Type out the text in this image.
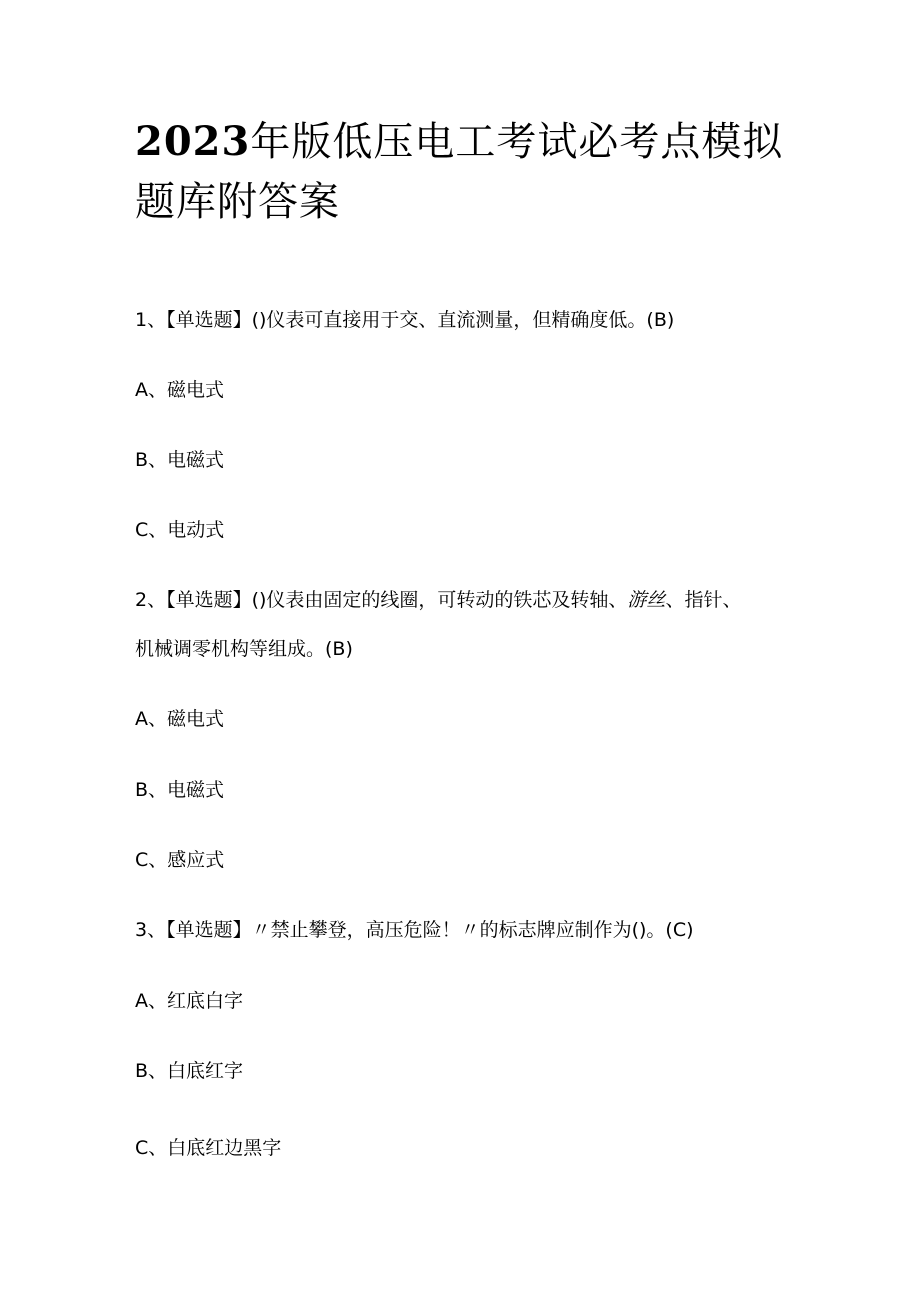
2023年版低压电工考试必考点模拟题库附答案
1、【单选题】()仪表可直接用于交、直流测量，但精确度低。(B)
A、磁电式
B、电磁式
C、电动式
2、【单选题】()仪表由固定的线圈，可转动的铁芯及转轴、游丝、指针、
机械调零机构等组成。(B)
A、磁电式
B、电磁式
C、感应式
3、【单选题】〃禁止攀登，高压危险！〃的标志牌应制作为()。(C)
A、红底白字
B、白底红字
C、白底红边黑字
